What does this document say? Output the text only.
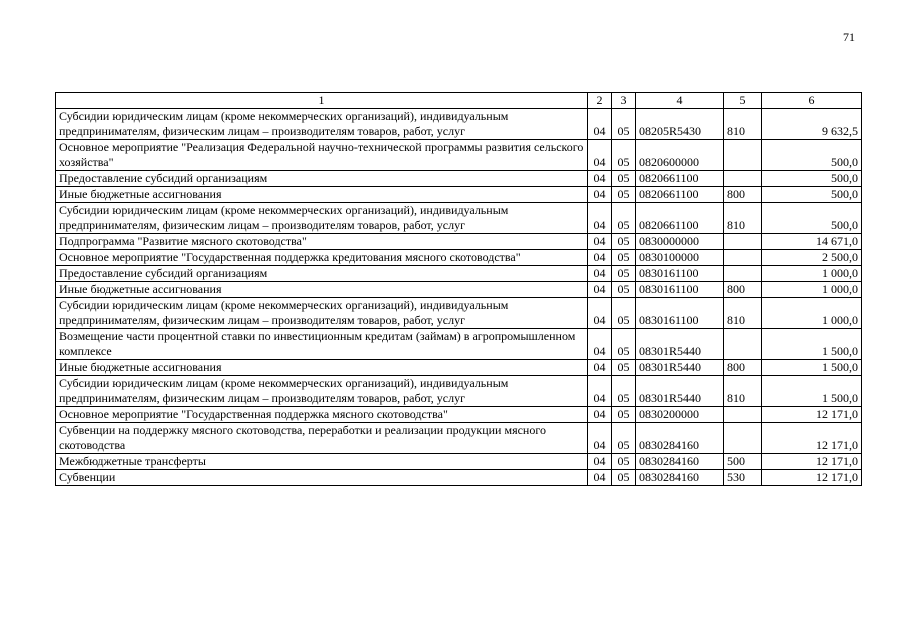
71
1	2	3	4	5	6
Субсидии юридическим лицам (кроме некоммерческих организаций), индивидуальным предпринимателям, физическим лицам – производителям товаров, работ, услуг	04	05	08205R5430	810	9 632,5
Основное мероприятие "Реализация Федеральной научно-технической программы развития сельского хозяйства"	04	05	0820600000		500,0
Предоставление субсидий организациям	04	05	0820661100		500,0
Иные бюджетные ассигнования	04	05	0820661100	800	500,0
Субсидии юридическим лицам (кроме некоммерческих организаций), индивидуальным предпринимателям, физическим лицам – производителям товаров, работ, услуг	04	05	0820661100	810	500,0
Подпрограмма "Развитие мясного скотоводства"	04	05	0830000000		14 671,0
Основное мероприятие "Государственная поддержка кредитования мясного скотоводства"	04	05	0830100000		2 500,0
Предоставление субсидий организациям	04	05	0830161100		1 000,0
Иные бюджетные ассигнования	04	05	0830161100	800	1 000,0
Субсидии юридическим лицам (кроме некоммерческих организаций), индивидуальным предпринимателям, физическим лицам – производителям товаров, работ, услуг	04	05	0830161100	810	1 000,0
Возмещение части процентной ставки по инвестиционным кредитам (займам) в агропромышленном комплексе	04	05	08301R5440		1 500,0
Иные бюджетные ассигнования	04	05	08301R5440	800	1 500,0
Субсидии юридическим лицам (кроме некоммерческих организаций), индивидуальным предпринимателям, физическим лицам – производителям товаров, работ, услуг	04	05	08301R5440	810	1 500,0
Основное мероприятие "Государственная поддержка мясного скотоводства"	04	05	0830200000		12 171,0
Субвенции на поддержку мясного скотоводства, переработки и реализации продукции мясного скотоводства	04	05	0830284160		12 171,0
Межбюджетные трансферты	04	05	0830284160	500	12 171,0
Субвенции	04	05	0830284160	530	12 171,0
